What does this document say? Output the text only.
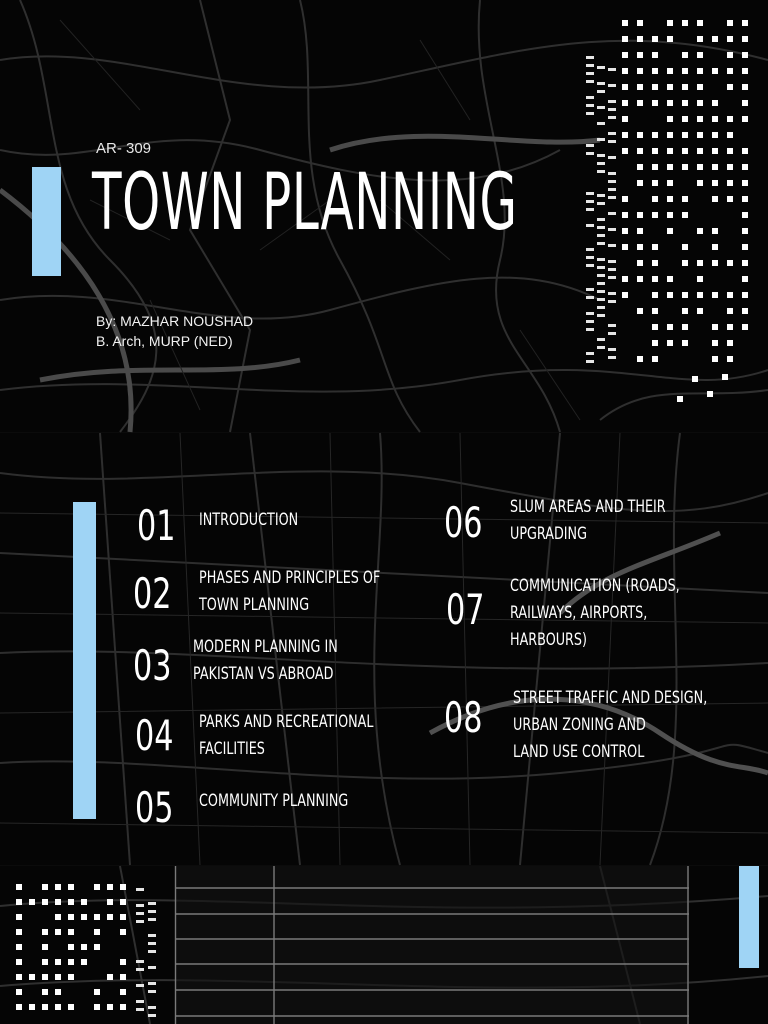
AR- 309
TOWN PLANNING
By: MAZHAR NOUSHAD
B. Arch, MURP (NED)
01 INTRODUCTION
02 PHASES AND PRINCIPLES OF
TOWN PLANNING
03 MODERN PLANNING IN
PAKISTAN VS ABROAD
04 PARKS AND RECREATIONAL
FACILITIES
05 COMMUNITY PLANNING
06 SLUM AREAS AND THEIR
UPGRADING
07 COMMUNICATION (ROADS,
RAILWAYS, AIRPORTS,
HARBOURS)
08 STREET TRAFFIC AND DESIGN,
URBAN ZONING AND
LAND USE CONTROL
